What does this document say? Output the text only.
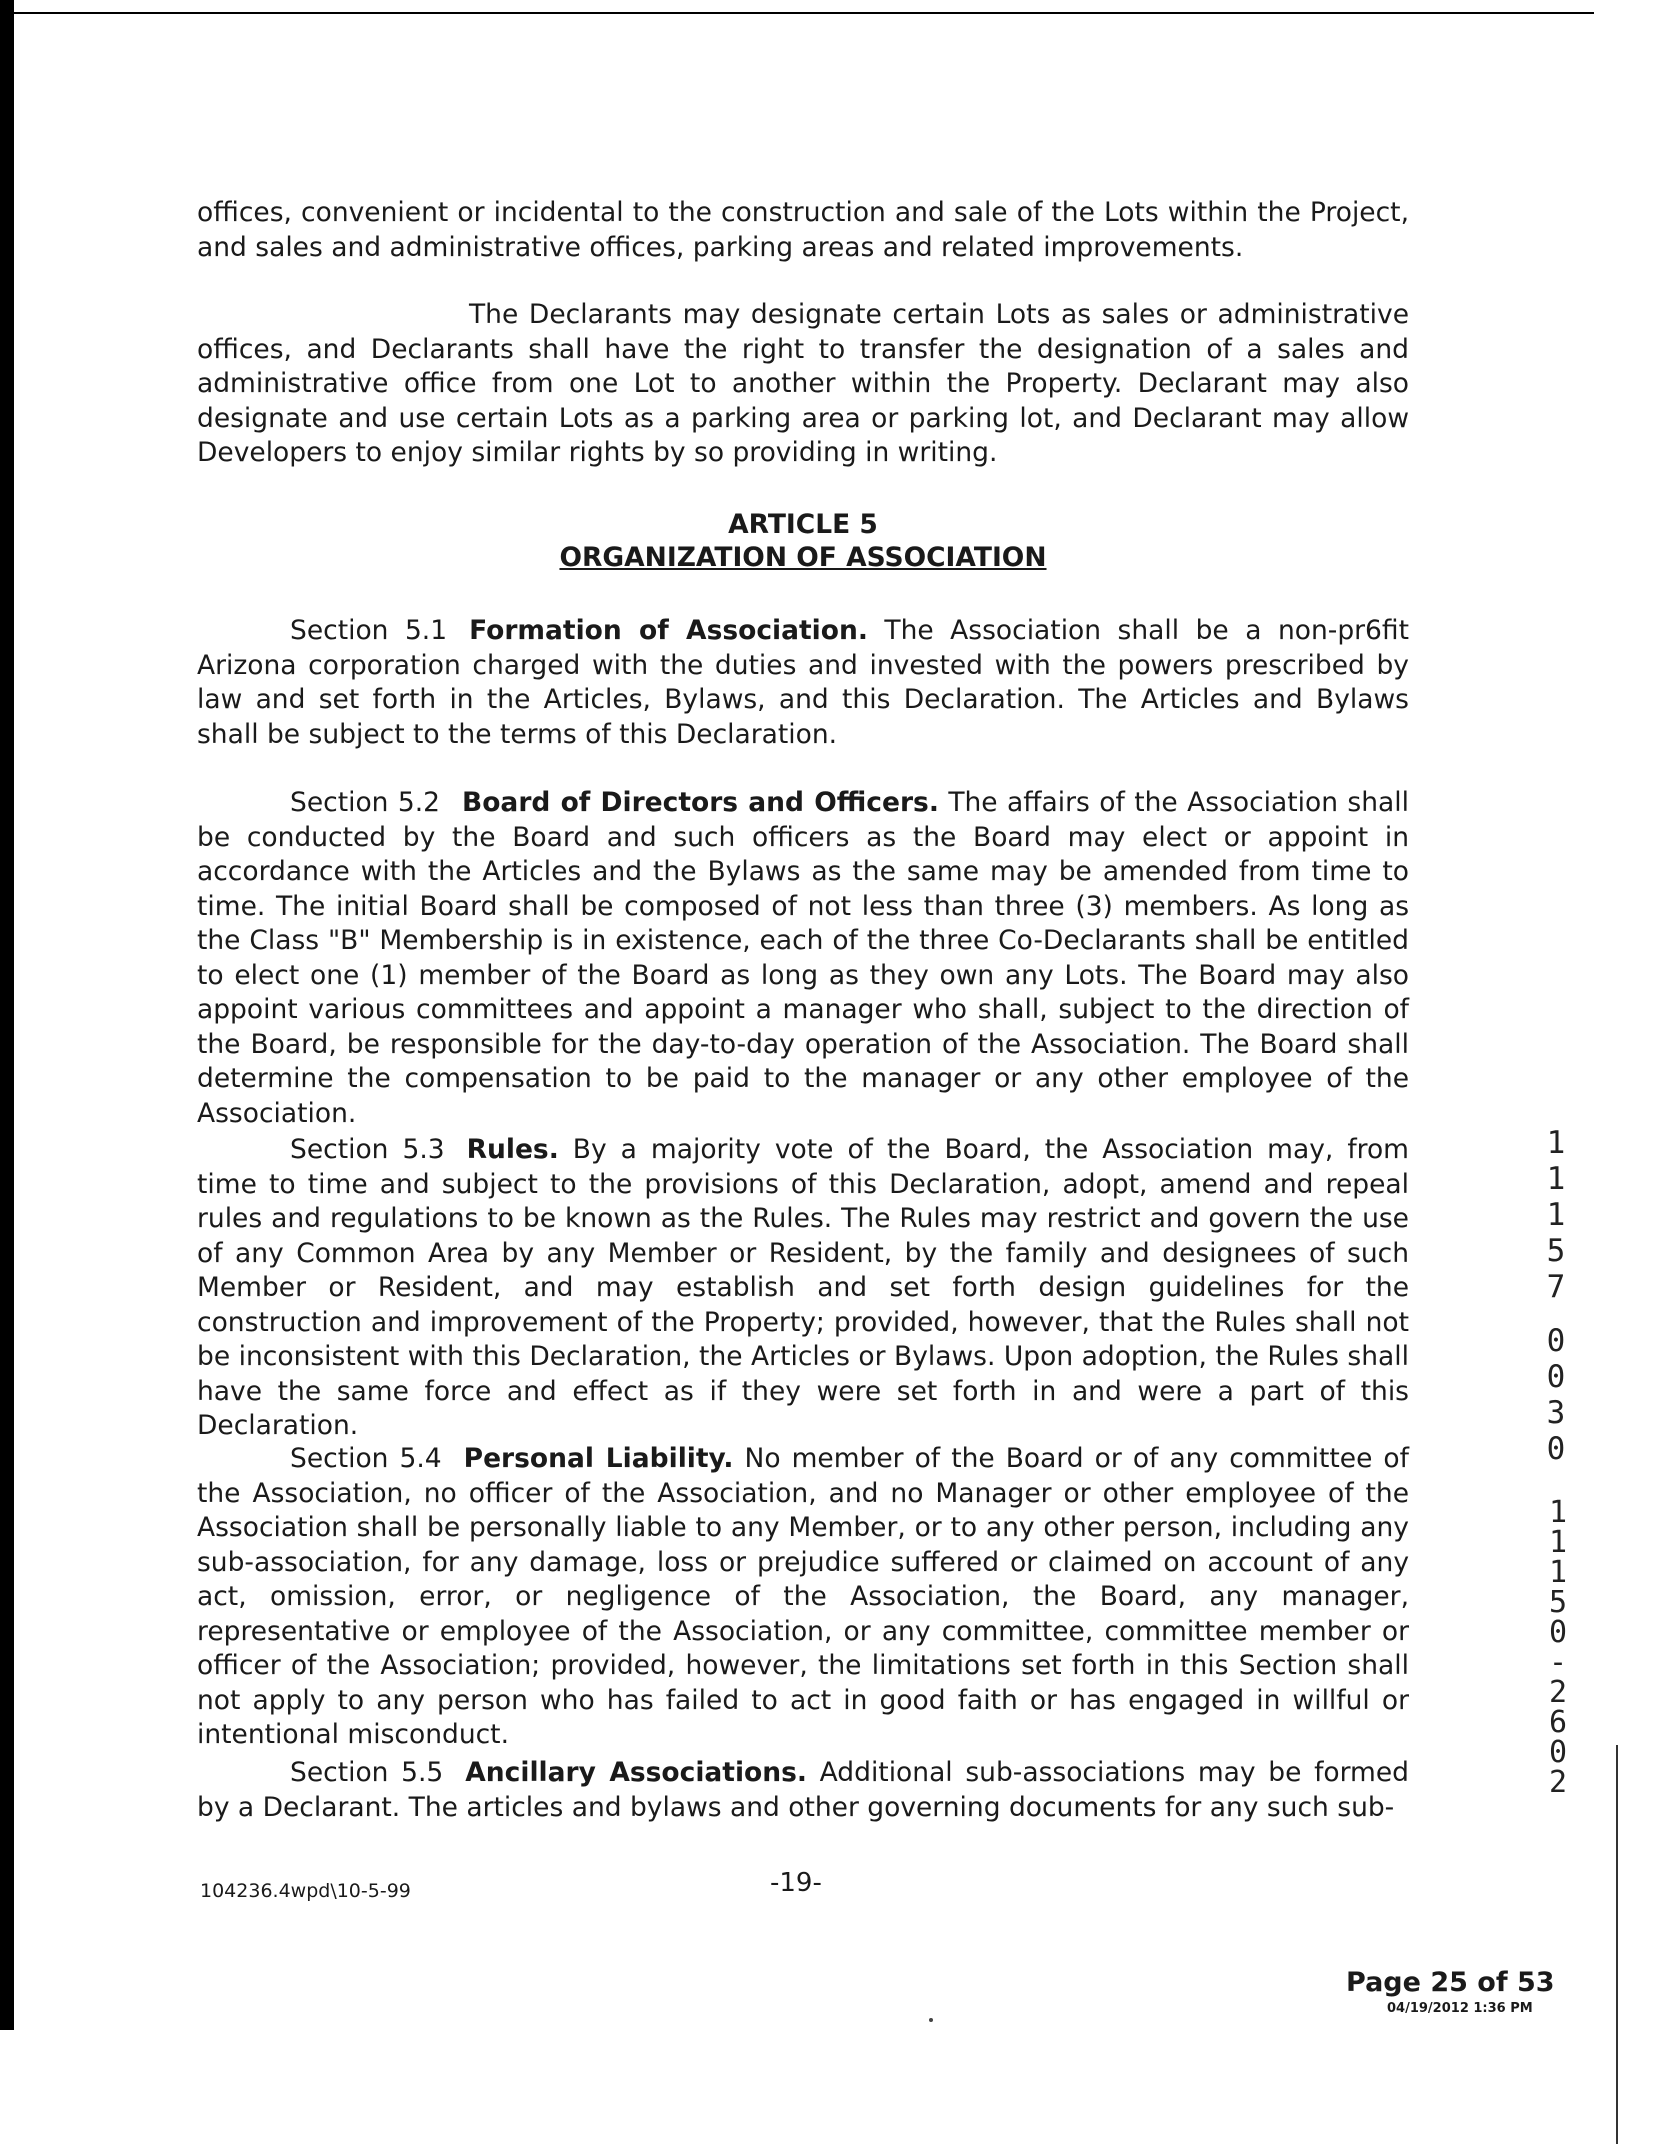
offices, convenient or incidental to the construction and sale of the Lots within the Project, and sales and administrative offices, parking areas and related improvements.

The Declarants may designate certain Lots as sales or administrative offices, and Declarants shall have the right to transfer the designation of a sales and administrative office from one Lot to another within the Property. Declarant may also designate and use certain Lots as a parking area or parking lot, and Declarant may allow Developers to enjoy similar rights by so providing in writing.

ARTICLE 5
ORGANIZATION OF ASSOCIATION

Section 5.1 Formation of Association. The Association shall be a non-pr6fit Arizona corporation charged with the duties and invested with the powers prescribed by law and set forth in the Articles, Bylaws, and this Declaration. The Articles and Bylaws shall be subject to the terms of this Declaration.

Section 5.2 Board of Directors and Officers. The affairs of the Association shall be conducted by the Board and such officers as the Board may elect or appoint in accordance with the Articles and the Bylaws as the same may be amended from time to time. The initial Board shall be composed of not less than three (3) members. As long as the Class "B" Membership is in existence, each of the three Co-Declarants shall be entitled to elect one (1) member of the Board as long as they own any Lots. The Board may also appoint various committees and appoint a manager who shall, subject to the direction of the Board, be responsible for the day-to-day operation of the Association. The Board shall determine the compensation to be paid to the manager or any other employee of the Association.

Section 5.3 Rules. By a majority vote of the Board, the Association may, from time to time and subject to the provisions of this Declaration, adopt, amend and repeal rules and regulations to be known as the Rules. The Rules may restrict and govern the use of any Common Area by any Member or Resident, by the family and designees of such Member or Resident, and may establish and set forth design guidelines for the construction and improvement of the Property; provided, however, that the Rules shall not be inconsistent with this Declaration, the Articles or Bylaws. Upon adoption, the Rules shall have the same force and effect as if they were set forth in and were a part of this Declaration.

Section 5.4 Personal Liability. No member of the Board or of any committee of the Association, no officer of the Association, and no Manager or other employee of the Association shall be personally liable to any Member, or to any other person, including any sub-association, for any damage, loss or prejudice suffered or claimed on account of any act, omission, error, or negligence of the Association, the Board, any manager, representative or employee of the Association, or any committee, committee member or officer of the Association; provided, however, the limitations set forth in this Section shall not apply to any person who has failed to act in good faith or has engaged in willful or intentional misconduct.

Section 5.5 Ancillary Associations. Additional sub-associations may be formed by a Declarant. The articles and bylaws and other governing documents for any such sub-

104236.4wpd\10-5-99	-19-
Page 25 of 53
04/19/2012 1:36 PM
1
1
1
5
7
0
0
3
0
1
1
1
5
0
-
2
6
0
2
